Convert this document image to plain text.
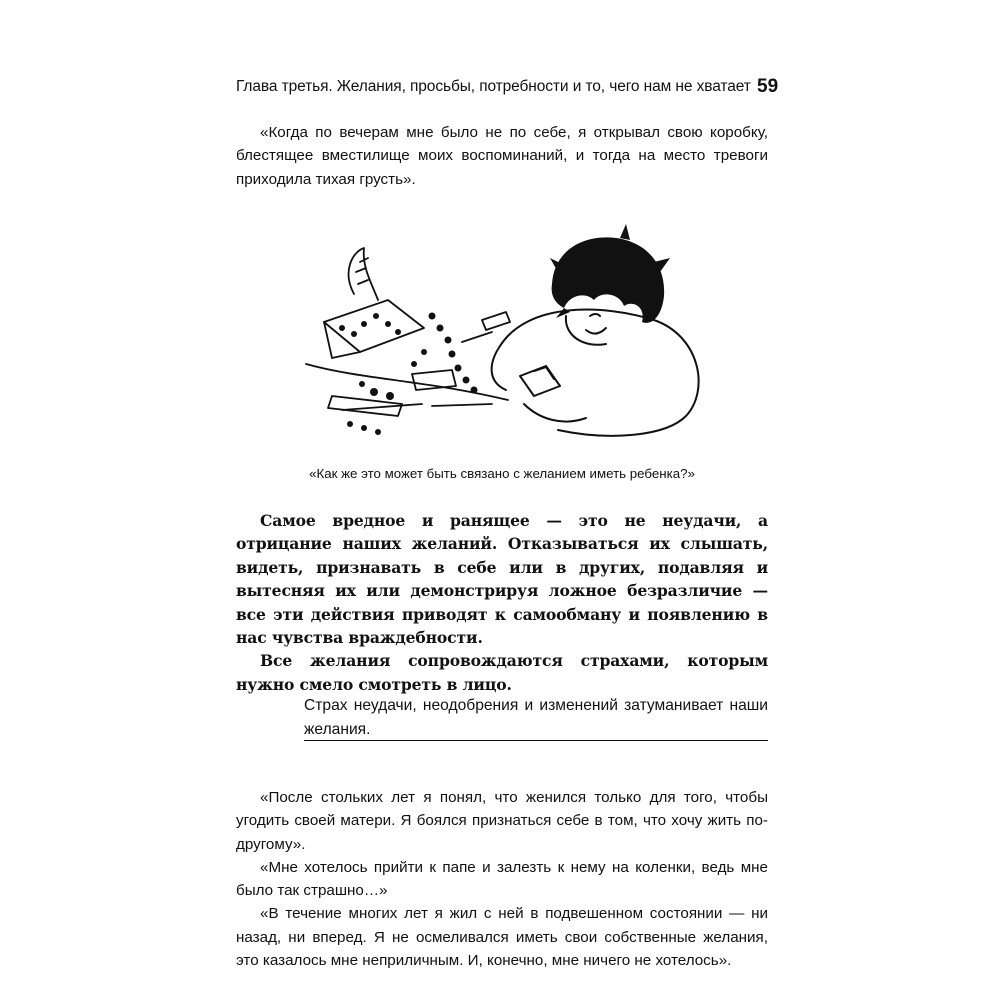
Глава третья. Желания, просьбы, потребности и то, чего нам не хватает 59

«Когда по вечерам мне было не по себе, я открывал свою коробку, блестящее вместилище моих воспоминаний, и тогда на место тревоги приходила тихая грусть».

«Как же это может быть связано с желанием иметь ребенка?»

Самое вредное и ранящее — это не неудачи, а отрицание наших желаний. Отказываться их слышать, видеть, признавать в себе или в других, подавляя и вытесняя их или демонстрируя ложное безразличие — все эти действия приводят к самообману и появлению в нас чувства враждебности.

Все желания сопровождаются страхами, которым нужно смело смотреть в лицо.

Страх неудачи, неодобрения и изменений затуманивает наши желания.

«После стольких лет я понял, что женился только для того, чтобы угодить своей матери. Я боялся признаться себе в том, что хочу жить по-другому».

«Мне хотелось прийти к папе и залезть к нему на коленки, ведь мне было так страшно…»

«В течение многих лет я жил с ней в подвешенном состоянии — ни назад, ни вперед. Я не осмеливался иметь свои собственные желания, это казалось мне неприличным. И, конечно, мне ничего не хотелось».
